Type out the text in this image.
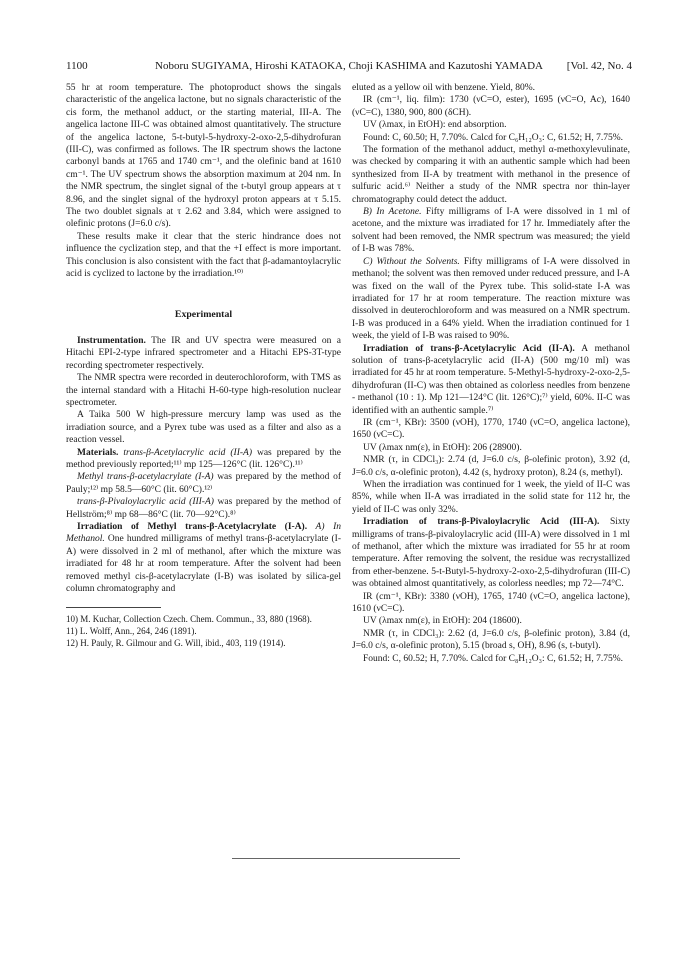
1100	Noboru SUGIYAMA, Hiroshi KATAOKA, Choji KASHIMA and Kazutoshi YAMADA	[Vol. 42, No. 4

55 hr at room temperature. The photoproduct shows the singals characteristic of the angelica lactone, but no signals characteristic of the cis form, the methanol adduct, or the starting material, III-A. The angelica lactone III-C was obtained almost quantitatively. The structure of the angelica lactone, 5-t-butyl-5-hydroxy-2-oxo-2,5-dihydrofuran (III-C), was confirmed as follows. The IR spectrum shows the lactone carbonyl bands at 1765 and 1740 cm⁻¹, and the olefinic band at 1610 cm⁻¹. The UV spectrum shows the absorption maximum at 204 nm. In the NMR spectrum, the singlet signal of the t-butyl group appears at τ 8.96, and the singlet signal of the hydroxyl proton appears at τ 5.15. The two doublet signals at τ 2.62 and 3.84, which were assigned to olefinic protons (J=6.0 c/s).

These results make it clear that the steric hindrance does not influence the cyclization step, and that the +I effect is more important. This conclusion is also consistent with the fact that β-adamantoylacrylic acid is cyclized to lactone by the irradiation.¹⁰⁾

Experimental

Instrumentation. The IR and UV spectra were measured on a Hitachi EPI-2-type infrared spectrometer and a Hitachi EPS-3T-type recording spectrometer respectively.

The NMR spectra were recorded in deuterochloroform, with TMS as the internal standard with a Hitachi H-60-type high-resolution nuclear spectrometer.

A Taika 500 W high-pressure mercury lamp was used as the irradiation source, and a Pyrex tube was used as a filter and also as a reaction vessel.

Materials. trans-β-Acetylacrylic acid (II-A) was prepared by the method previously reported;¹¹⁾ mp 125—126°C (lit. 126°C).¹¹⁾

Methyl trans-β-acetylacrylate (I-A) was prepared by the method of Pauly;¹²⁾ mp 58.5—60°C (lit. 60°C).¹²⁾

trans-β-Pivaloylacrylic acid (III-A) was prepared by the method of Hellström;⁸⁾ mp 68—86°C (lit. 70—92°C).⁸⁾

Irradiation of Methyl trans-β-Acetylacrylate (I-A). A) In Methanol. One hundred milligrams of methyl trans-β-acetylacrylate (I-A) were dissolved in 2 ml of methanol, after which the mixture was irradiated for 48 hr at room temperature. After the solvent had been removed methyl cis-β-acetylacrylate (I-B) was isolated by silica-gel column chromatography and

10) M. Kuchar, Collection Czech. Chem. Commun., 33, 880 (1968).

11) L. Wolff, Ann., 264, 246 (1891).

12) H. Pauly, R. Gilmour and G. Will, ibid., 403, 119 (1914).

eluted as a yellow oil with benzene. Yield, 80%.

IR (cm⁻¹, liq. film): 1730 (νC=O, ester), 1695 (νC=O, Ac), 1640 (νC=C), 1380, 900, 800 (δCH).

UV (λmax, in EtOH): end absorption.

Found: C, 60.50; H, 7.70%. Calcd for C₆H₁₂O₃: C, 61.52; H, 7.75%.

The formation of the methanol adduct, methyl α-methoxylevulinate, was checked by comparing it with an authentic sample which had been synthesized from II-A by treatment with methanol in the presence of sulfuric acid.⁶⁾ Neither a study of the NMR spectra nor thin-layer chromatography could detect the adduct.

B) In Acetone. Fifty milligrams of I-A were dissolved in 1 ml of acetone, and the mixture was irradiated for 17 hr. Immediately after the solvent had been removed, the NMR spectrum was measured; the yield of I-B was 78%.

C) Without the Solvents. Fifty milligrams of I-A were dissolved in methanol; the solvent was then removed under reduced pressure, and I-A was fixed on the wall of the Pyrex tube. This solid-state I-A was irradiated for 17 hr at room temperature. The reaction mixture was dissolved in deuterochloroform and was measured on a NMR spectrum. I-B was produced in a 64% yield. When the irradiation continued for 1 week, the yield of I-B was raised to 90%.

Irradiation of trans-β-Acetylacrylic Acid (II-A). A methanol solution of trans-β-acetylacrylic acid (II-A) (500 mg/10 ml) was irradiated for 45 hr at room temperature. 5-Methyl-5-hydroxy-2-oxo-2,5-dihydrofuran (II-C) was then obtained as colorless needles from benzene - methanol (10 : 1). Mp 121—124°C (lit. 126°C);⁷⁾ yield, 60%. II-C was identified with an authentic sample.⁷⁾

IR (cm⁻¹, KBr): 3500 (νOH), 1770, 1740 (νC=O, angelica lactone), 1650 (νC=C).

UV (λmax nm(ε), in EtOH): 206 (28900).

NMR (τ, in CDCl₃): 2.74 (d, J=6.0 c/s, β-olefinic proton), 3.92 (d, J=6.0 c/s, α-olefinic proton), 4.42 (s, hydroxy proton), 8.24 (s, methyl).

When the irradiation was continued for 1 week, the yield of II-C was 85%, while when II-A was irradiated in the solid state for 112 hr, the yield of II-C was only 32%.

Irradiation of trans-β-Pivaloylacrylic Acid (III-A). Sixty milligrams of trans-β-pivaloylacrylic acid (III-A) were dissolved in 1 ml of methanol, after which the mixture was irradiated for 55 hr at room temperature. After removing the solvent, the residue was recrystallized from ether-benzene. 5-t-Butyl-5-hydroxy-2-oxo-2,5-dihydrofuran (III-C) was obtained almost quantitatively, as colorless needles; mp 72—74°C.

IR (cm⁻¹, KBr): 3380 (νOH), 1765, 1740 (νC=O, angelica lactone), 1610 (νC=C).

UV (λmax nm(ε), in EtOH): 204 (18600).

NMR (τ, in CDCl₃): 2.62 (d, J=6.0 c/s, β-olefinic proton), 3.84 (d, J=6.0 c/s, α-olefinic proton), 5.15 (broad s, OH), 8.96 (s, t-butyl).

Found: C, 60.52; H, 7.70%. Calcd for C₈H₁₂O₃: C, 61.52; H, 7.75%.
